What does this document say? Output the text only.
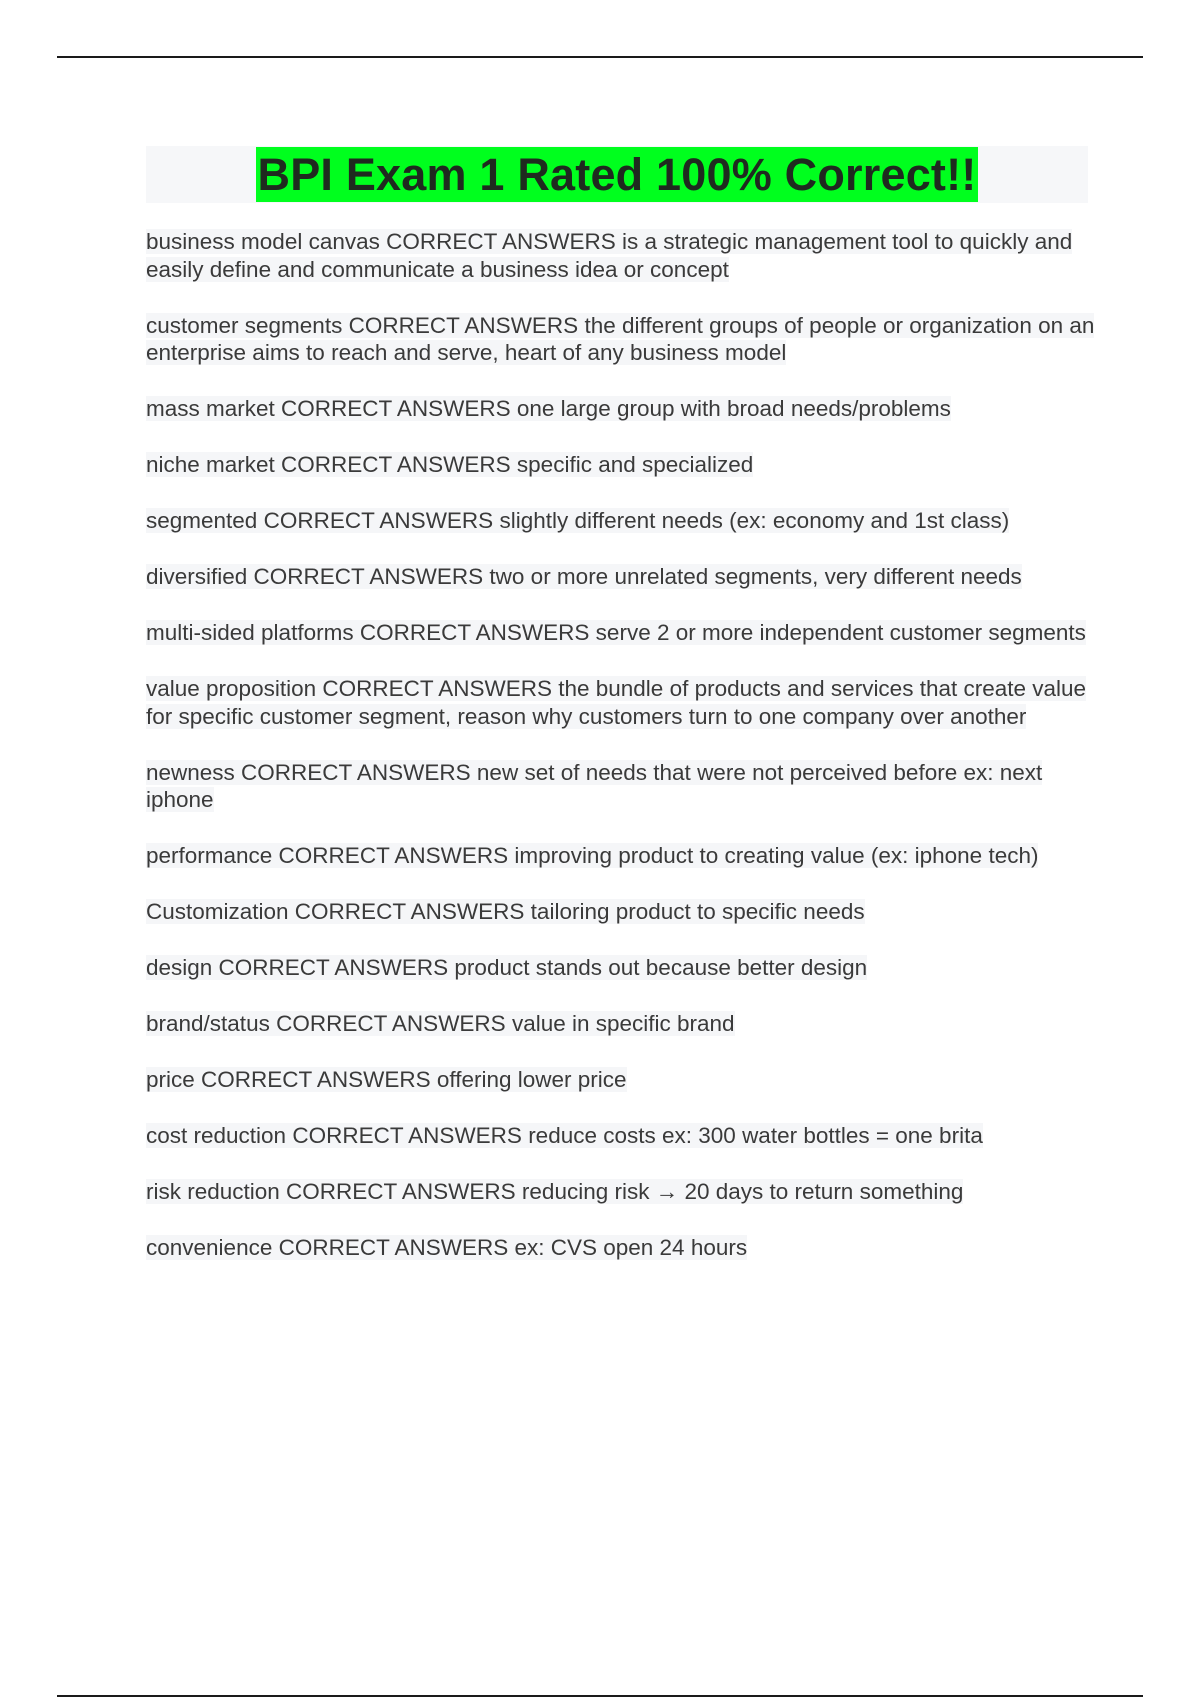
BPI Exam 1 Rated 100% Correct!!

business model canvas CORRECT ANSWERS is a strategic management tool to quickly and easily define and communicate a business idea or concept

customer segments CORRECT ANSWERS the different groups of people or organization on an enterprise aims to reach and serve, heart of any business model

mass market CORRECT ANSWERS one large group with broad needs/problems

niche market CORRECT ANSWERS specific and specialized

segmented CORRECT ANSWERS slightly different needs (ex: economy and 1st class)

diversified CORRECT ANSWERS two or more unrelated segments, very different needs

multi-sided platforms CORRECT ANSWERS serve 2 or more independent customer segments

value proposition CORRECT ANSWERS the bundle of products and services that create value for specific customer segment, reason why customers turn to one company over another

newness CORRECT ANSWERS new set of needs that were not perceived before ex: next iphone

performance CORRECT ANSWERS improving product to creating value (ex: iphone tech)

Customization CORRECT ANSWERS tailoring product to specific needs

design CORRECT ANSWERS product stands out because better design

brand/status CORRECT ANSWERS value in specific brand

price CORRECT ANSWERS offering lower price

cost reduction CORRECT ANSWERS reduce costs ex: 300 water bottles = one brita

risk reduction CORRECT ANSWERS reducing risk → 20 days to return something

convenience CORRECT ANSWERS ex: CVS open 24 hours
